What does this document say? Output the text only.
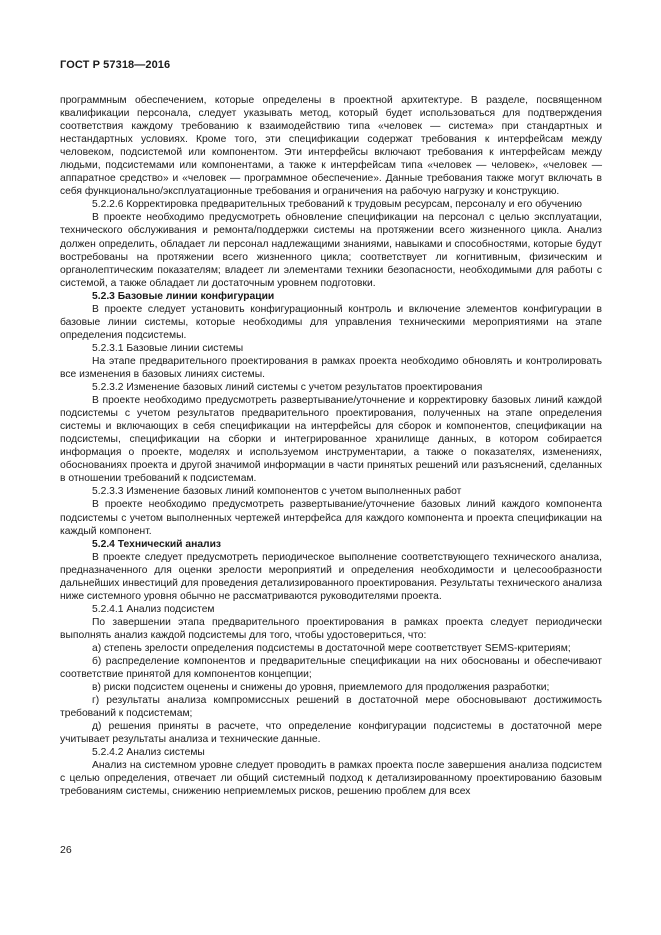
ГОСТ Р 57318—2016

программным обеспечением, которые определены в проектной архитектуре. В разделе, посвященном квалификации персонала, следует указывать метод, который будет использоваться для подтверждения соответствия каждому требованию к взаимодействию типа «человек — система» при стандартных и нестандартных условиях. Кроме того, эти спецификации содержат требования к интерфейсам между человеком, подсистемой или компонентом. Эти интерфейсы включают требования к интерфейсам между людьми, подсистемами или компонентами, а также к интерфейсам типа «человек — человек», «человек — аппаратное средство» и «человек — программное обеспечение». Данные требования также могут включать в себя функционально/эксплуатационные требования и ограничения на рабочую нагрузку и конструкцию.

5.2.2.6 Корректировка предварительных требований к трудовым ресурсам, персоналу и его обучению

В проекте необходимо предусмотреть обновление спецификации на персонал с целью эксплуатации, технического обслуживания и ремонта/поддержки системы на протяжении всего жизненного цикла. Анализ должен определить, обладает ли персонал надлежащими знаниями, навыками и способностями, которые будут востребованы на протяжении всего жизненного цикла; соответствует ли когнитивным, физическим и органолептическим показателям; владеет ли элементами техники безопасности, необходимыми для работы с системой, а также обладает ли достаточным уровнем подготовки.

5.2.3 Базовые линии конфигурации

В проекте следует установить конфигурационный контроль и включение элементов конфигурации в базовые линии системы, которые необходимы для управления техническими мероприятиями на этапе определения подсистемы.

5.2.3.1 Базовые линии системы

На этапе предварительного проектирования в рамках проекта необходимо обновлять и контролировать все изменения в базовых линиях системы.

5.2.3.2 Изменение базовых линий системы с учетом результатов проектирования

В проекте необходимо предусмотреть развертывание/уточнение и корректировку базовых линий каждой подсистемы с учетом результатов предварительного проектирования, полученных на этапе определения системы и включающих в себя спецификации на интерфейсы для сборок и компонентов, спецификации на подсистемы, спецификации на сборки и интегрированное хранилище данных, в котором собирается информация о проекте, моделях и используемом инструментарии, а также о показателях, изменениях, обоснованиях проекта и другой значимой информации в части принятых решений или разъяснений, сделанных в отношении требований к подсистемам.

5.2.3.3 Изменение базовых линий компонентов с учетом выполненных работ

В проекте необходимо предусмотреть развертывание/уточнение базовых линий каждого компонента подсистемы с учетом выполненных чертежей интерфейса для каждого компонента и проекта спецификации на каждый компонент.

5.2.4 Технический анализ

В проекте следует предусмотреть периодическое выполнение соответствующего технического анализа, предназначенного для оценки зрелости мероприятий и определения необходимости и целесообразности дальнейших инвестиций для проведения детализированного проектирования. Результаты технического анализа ниже системного уровня обычно не рассматриваются руководителями проекта.

5.2.4.1 Анализ подсистем

По завершении этапа предварительного проектирования в рамках проекта следует периодически выполнять анализ каждой подсистемы для того, чтобы удостовериться, что:

а) степень зрелости определения подсистемы в достаточной мере соответствует SEMS-критериям;

б) распределение компонентов и предварительные спецификации на них обоснованы и обеспечивают соответствие принятой для компонентов концепции;

в) риски подсистем оценены и снижены до уровня, приемлемого для продолжения разработки;

г) результаты анализа компромиссных решений в достаточной мере обосновывают достижимость требований к подсистемам;

д) решения приняты в расчете, что определение конфигурации подсистемы в достаточной мере учитывает результаты анализа и технические данные.

5.2.4.2 Анализ системы

Анализ на системном уровне следует проводить в рамках проекта после завершения анализа подсистем с целью определения, отвечает ли общий системный подход к детализированному проектированию базовым требованиям системы, снижению неприемлемых рисков, решению проблем для всех

26
